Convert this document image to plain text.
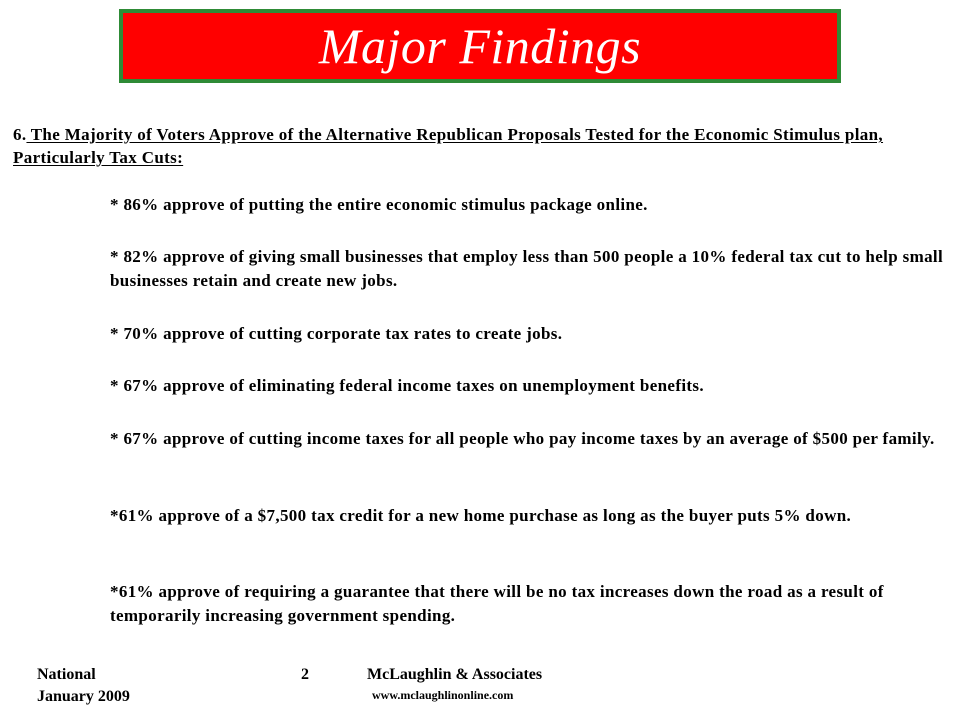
Major Findings
6. The Majority of Voters Approve of the Alternative Republican Proposals Tested for the Economic Stimulus plan, Particularly Tax Cuts:
* 86% approve of putting the entire economic stimulus package online.
* 82% approve of giving small businesses that employ less than 500 people a 10% federal tax cut to help small businesses retain and create new jobs.
* 70% approve of cutting corporate tax rates to create jobs.
* 67% approve of eliminating federal income taxes on unemployment benefits.
* 67% approve of cutting income taxes for all people who pay income taxes by an average of $500 per family.
*61% approve of a $7,500 tax credit for a new home purchase as long as the buyer puts 5% down.
*61% approve of requiring a guarantee that there will be no tax increases down the road as a result of temporarily increasing government spending.
National
January 2009
2	McLaughlin & Associates
www.mclaughlinonline.com
